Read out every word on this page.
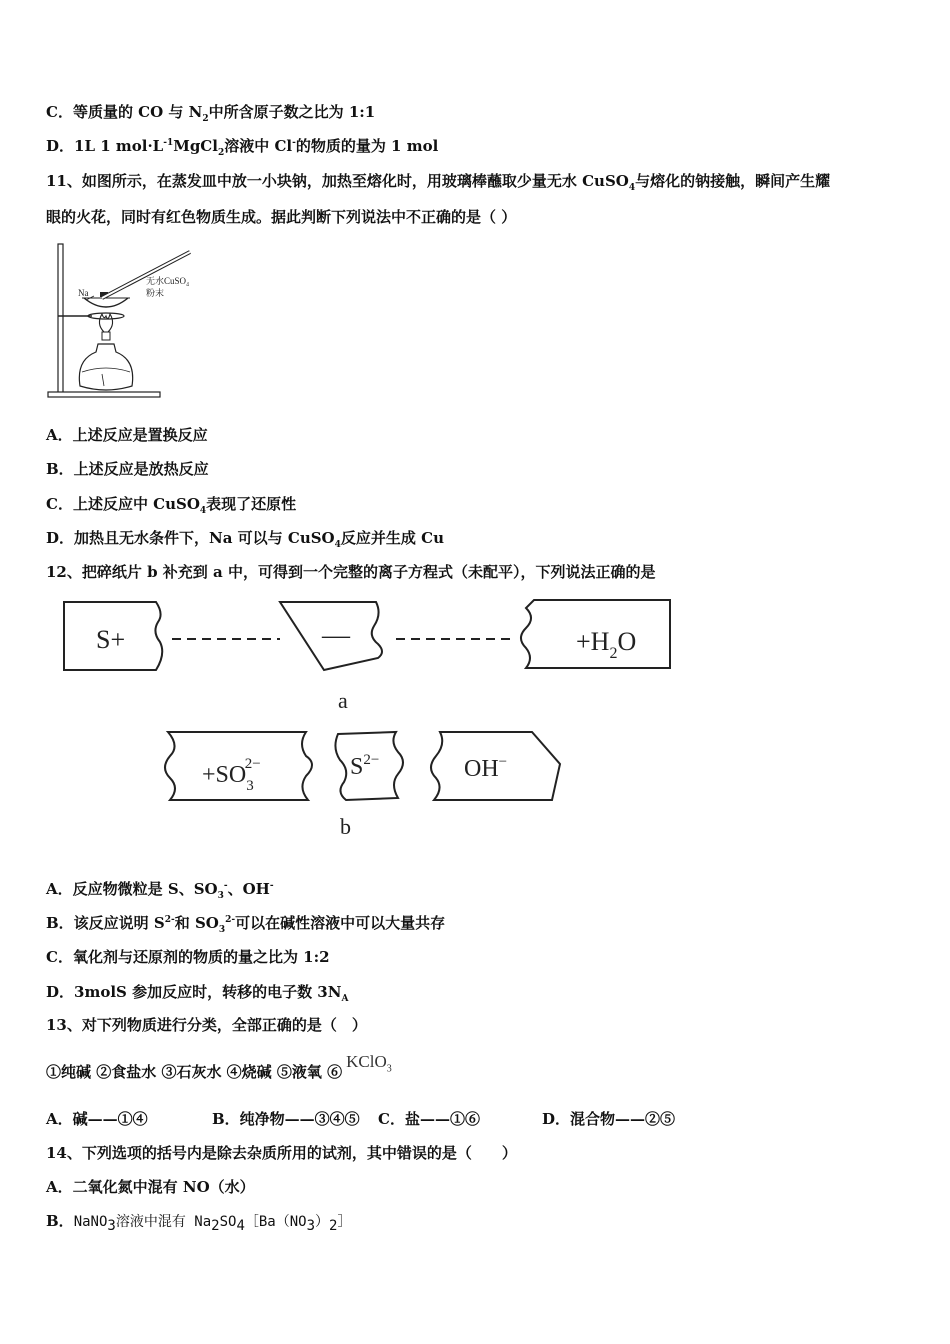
C．等质量的 CO 与 $N_2$中所含原子数之比为 1:1
D．1L 1 $mol\cdot L^{-1}MgCl_2$溶液中 Cl-的物质的量为 1 mol
11、如图所示，在蒸发皿中放一小块钠，加热至熔化时，用玻璃棒蘸取少量无水 CuSO$_4$与熔化的钠接触，瞬间产生耀
眼的火花，同时有红色物质生成。据此判断下列说法中不正确的是（ ）
Na
无水CuSO₄
粉末
A．上述反应是置换反应
B．上述反应是放热反应
C．上述反应中 CuSO$_4$表现了还原性
D．加热且无水条件下，Na 可以与 CuSO$_4$反应并生成 Cu
12、把碎纸片 b 补充到 a 中，可得到一个完整的离子方程式（未配平），下列说法正确的是
S+	—	$+H_2O$
a
$+SO_32-$	$S^{2-}$	OH−
b
A．反应物微粒是 S、$SO_3^-$、OH-
B．该反应说明 $S^{2-}$和 $SO_3^{2-}$可以在碱性溶液中可以大量共存
C．氧化剂与还原剂的物质的量之比为 1:2
D．3molS 参加反应时，转移的电子数 $3N_A$
13、对下列物质进行分类，全部正确的是（　）
①纯碱 ②食盐水 ③石灰水 ④烧碱 ⑤液氧 ⑥KClO$_3$
A．碱——①④	B．纯净物——③④⑤ C．盐——①⑥	D．混合物——②⑤
14、下列选项的括号内是除去杂质所用的试剂，其中错误的是（　　）
A．二氧化氮中混有 NO（水）
B．NaNO$_3$溶液中混有 $Na_2SO_4[Ba(NO_3)_2]$
